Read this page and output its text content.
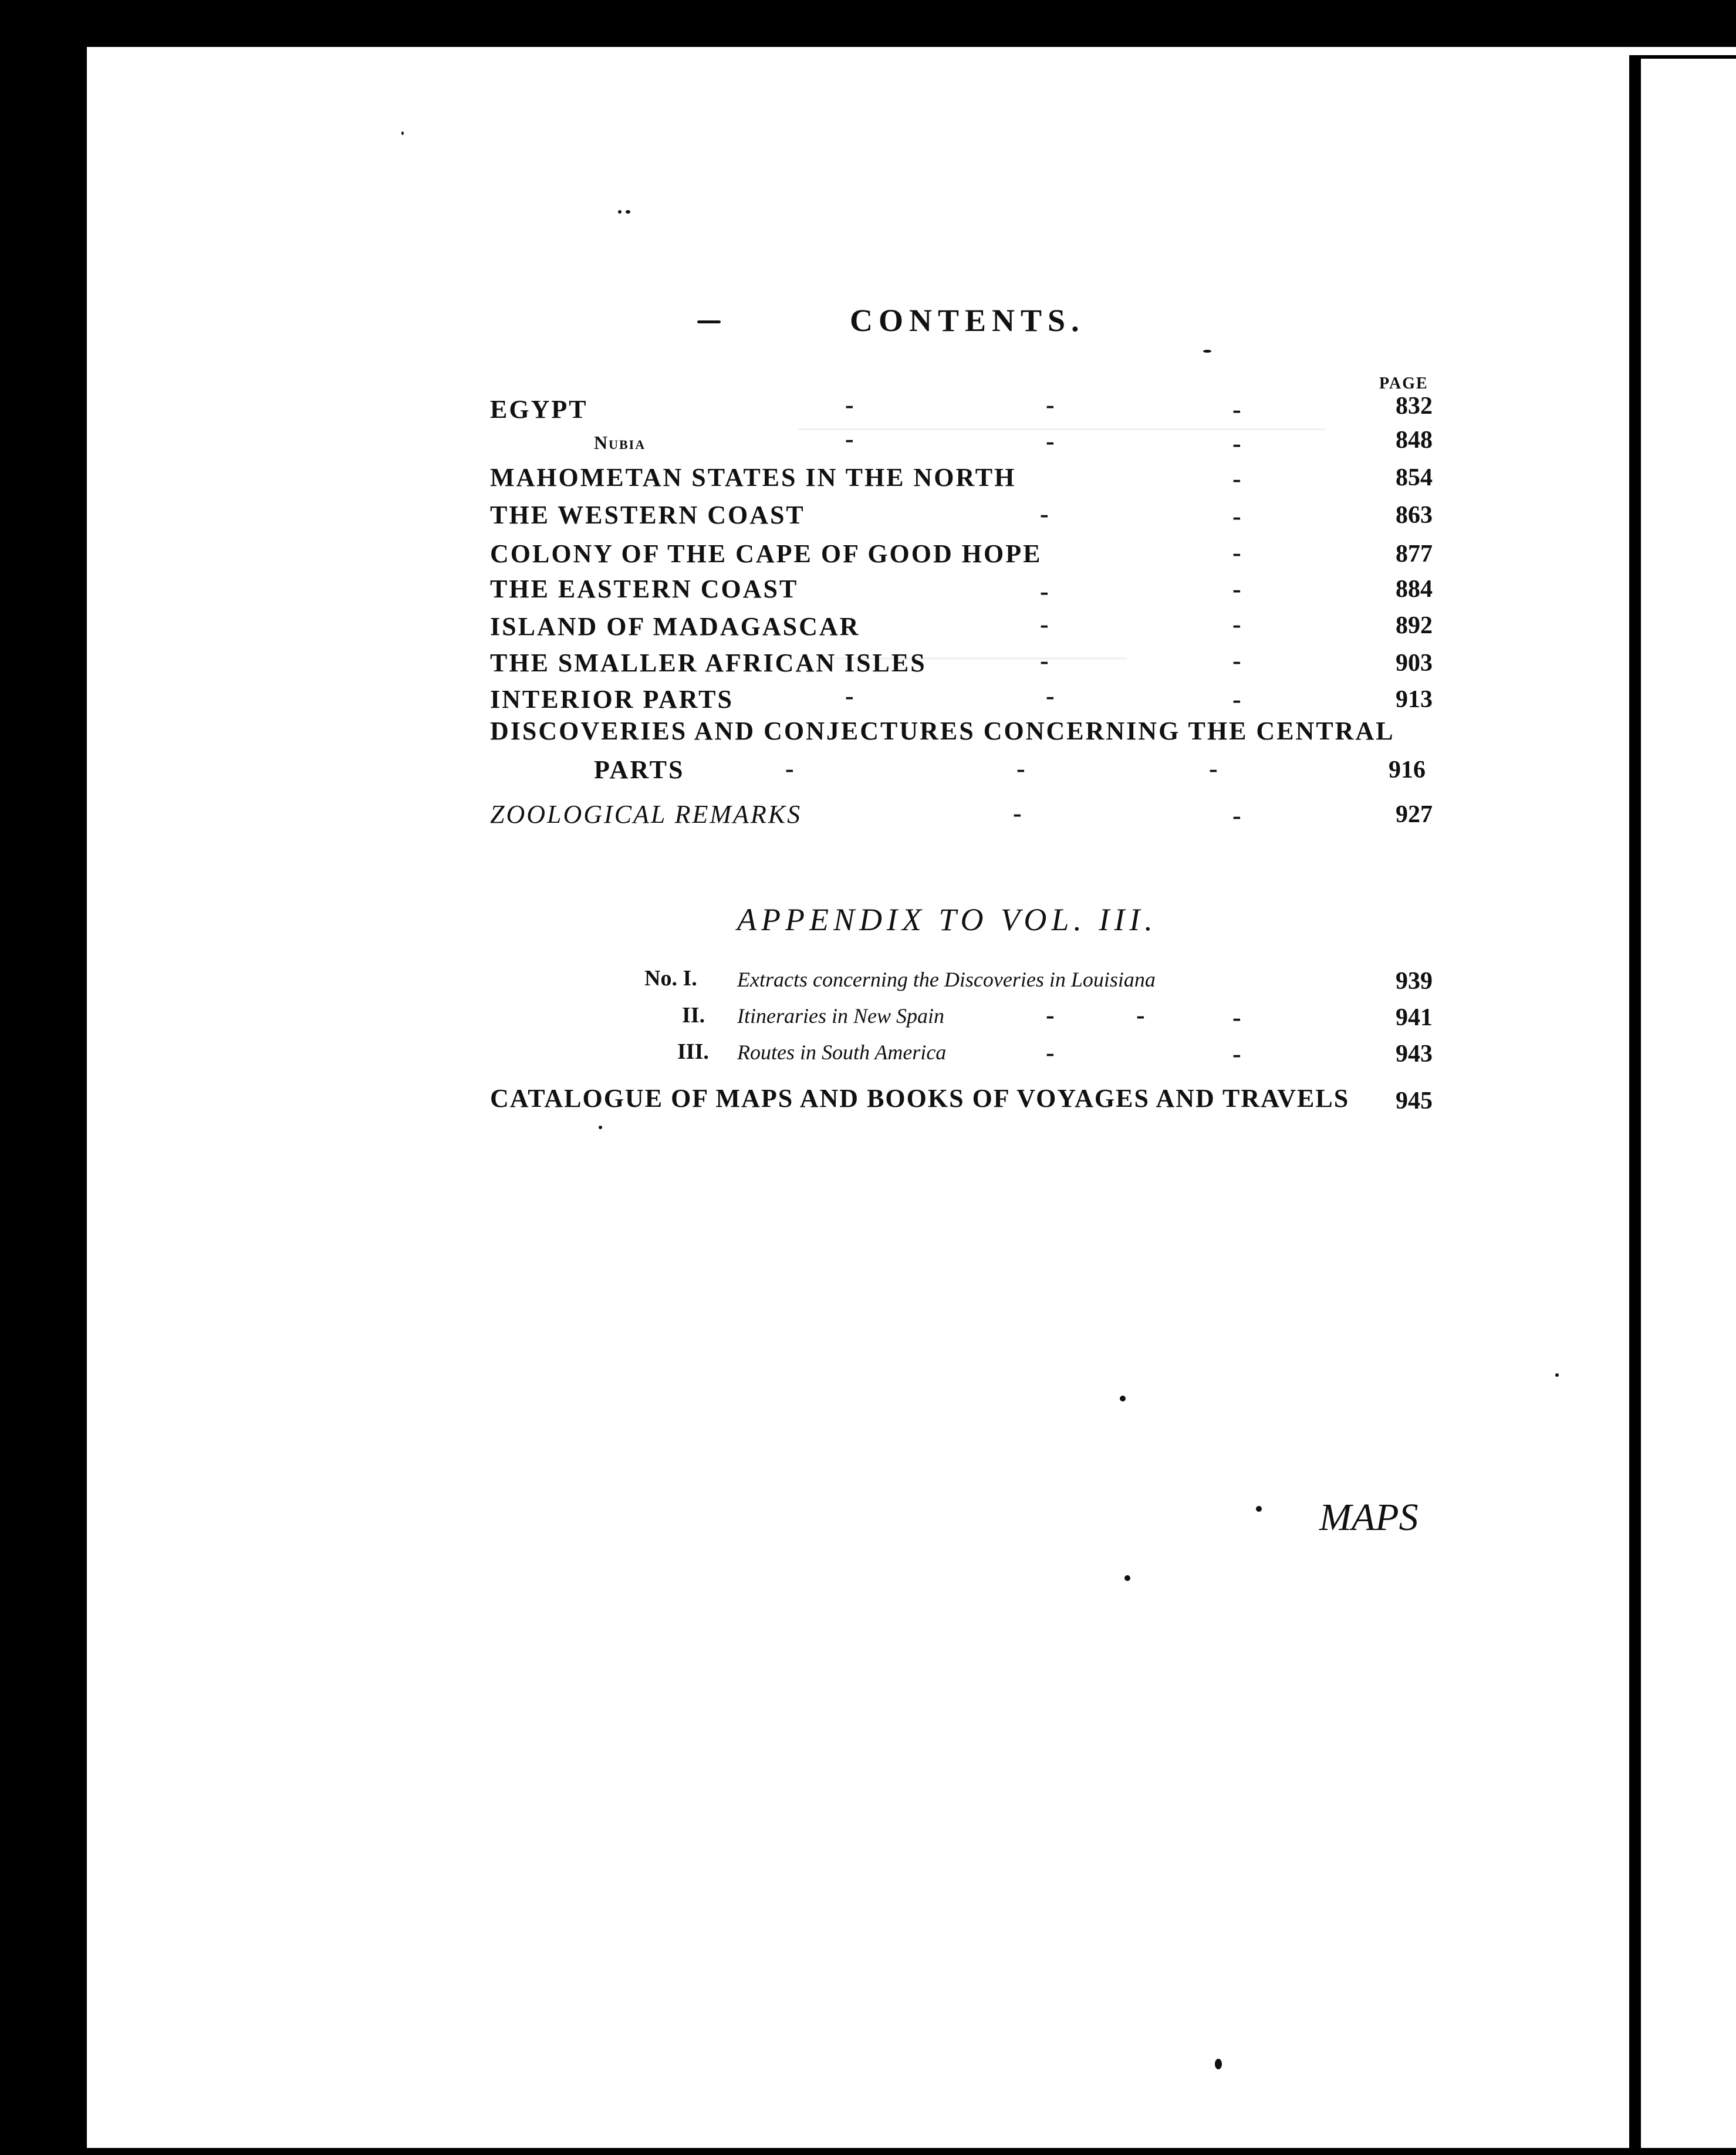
CONTENTS.
PAGE
EGYPT	-	-	-	832
Nubia	-	-	-	848
MAHOMETAN STATES IN THE NORTH	-	854
THE WESTERN COAST	-	-	863
COLONY OF THE CAPE OF GOOD HOPE	-	877
THE EASTERN COAST	-	-	884
ISLAND OF MADAGASCAR	-	-	892
THE SMALLER AFRICAN ISLES	-	-	903
INTERIOR PARTS	-	-	-	913
DISCOVERIES AND CONJECTURES CONCERNING THE CENTRAL
PARTS	-	-	-	916
ZOOLOGICAL REMARKS	-	-	927
APPENDIX TO VOL. III.
No. I. Extracts concerning the Discoveries in Louisiana	939
II. Itineraries in New Spain	-	-	-	941
III. Routes in South America	-	-	943
CATALOGUE OF MAPS AND BOOKS OF VOYAGES AND TRAVELS 945
MAPS
